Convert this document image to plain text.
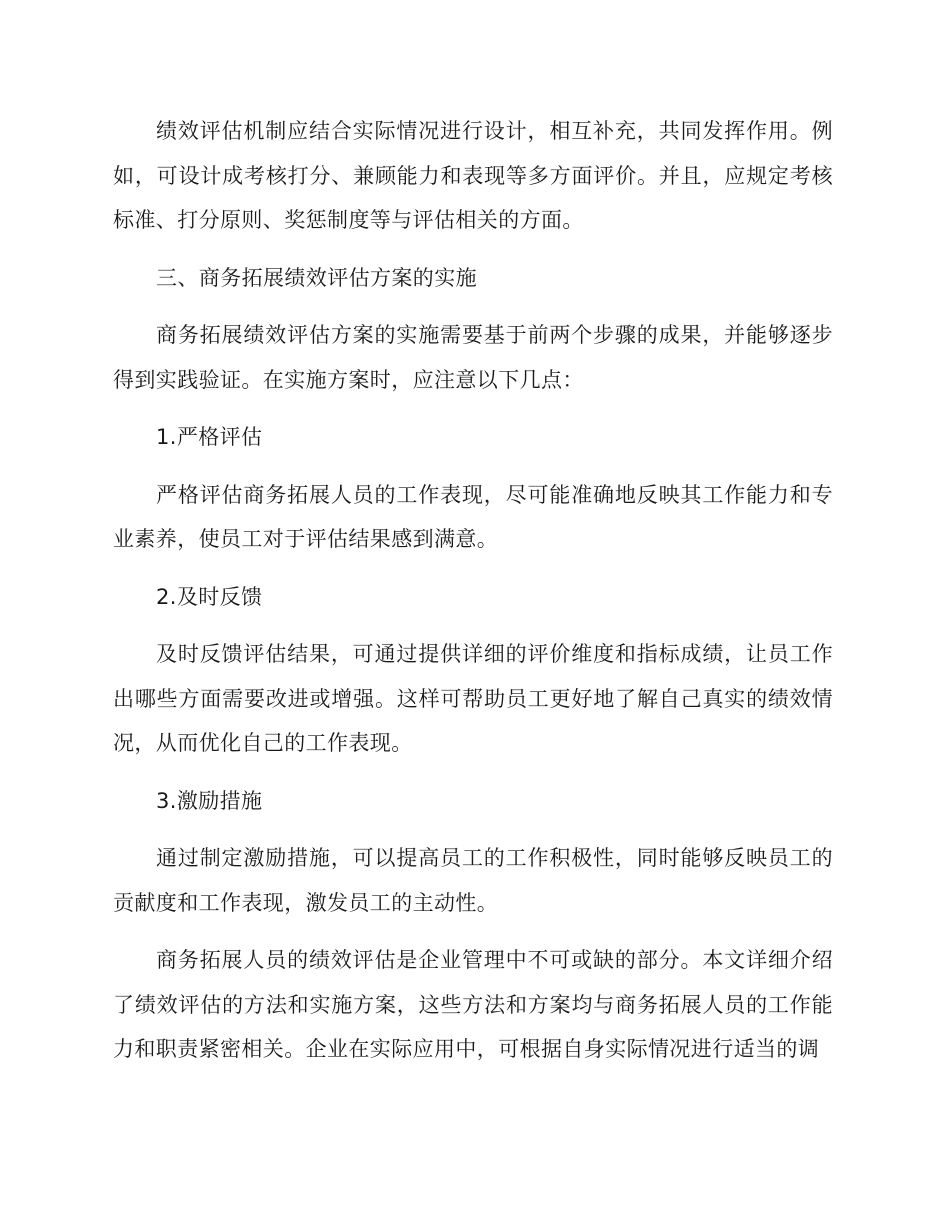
绩效评估机制应结合实际情况进行设计，相互补充，共同发挥作用。例如，可设计成考核打分、兼顾能力和表现等多方面评价。并且，应规定考核标准、打分原则、奖惩制度等与评估相关的方面。

三、商务拓展绩效评估方案的实施

商务拓展绩效评估方案的实施需要基于前两个步骤的成果，并能够逐步得到实践验证。在实施方案时，应注意以下几点：

1.严格评估

严格评估商务拓展人员的工作表现，尽可能准确地反映其工作能力和专业素养，使员工对于评估结果感到满意。

2.及时反馈

及时反馈评估结果，可通过提供详细的评价维度和指标成绩，让员工作出哪些方面需要改进或增强。这样可帮助员工更好地了解自己真实的绩效情况，从而优化自己的工作表现。

3.激励措施

通过制定激励措施，可以提高员工的工作积极性，同时能够反映员工的贡献度和工作表现，激发员工的主动性。

商务拓展人员的绩效评估是企业管理中不可或缺的部分。本文详细介绍了绩效评估的方法和实施方案，这些方法和方案均与商务拓展人员的工作能力和职责紧密相关。企业在实际应用中，可根据自身实际情况进行适当的调
